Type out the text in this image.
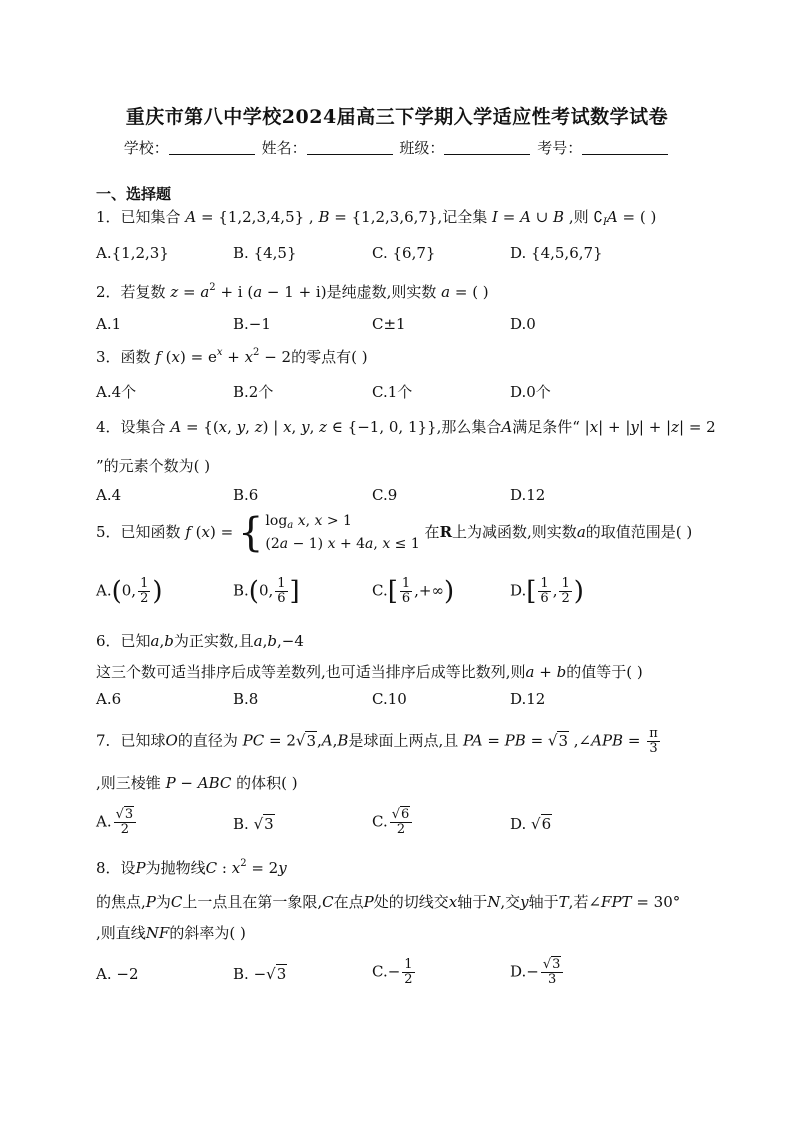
重庆市第八中学校2024届高三下学期入学适应性考试数学试卷
学校：	姓名：	班级：	考号：
一、选择题
1．已知集合 A = {1,2,3,4,5} , B = {1,2,3,6,7},记全集 I = A ∪ B ,则 $∁_IA$ = ( )
A.{1,2,3}	B. {4,5}	C. {6,7}	D. {4,5,6,7}
2．若复数 $z = a^2 + i$ (a − 1 + i)是纯虚数,则实数 a = ( )
A.1	B.−1	C±1	D.0
3．函数 f $(x) = e^x + x^2 - 2$的零点有( )
A.4个	B.2个	C.1个	D.0个
4．设集合 A = {(x, y, z) | x, y, z ∈ {−1, 0, 1}},那么集合A满足条件“ |x| + |y| + |z| = 2
”的元素个数为( )
A.4	B.6	C.9	D.12
5．已知函数 f (x) = { $\log_a x$, x > 1
(2a − 1) x + 4a, x ≤ 1
在R上为减函数,则实数a的取值范围是( )
A.(0, $\frac{1}{2}$ )	B.(0, $\frac{1}{6}$ ]	$C.[ \frac{1}{6}$ ,+∞)	$D.[ \frac{1}{6}$ , $\frac{1}{2}$ )
6．已知a,b为正实数,且a,b,−4
这三个数可适当排序后成等差数列,也可适当排序后成等比数列,则a + b的值等于( )
A.6	B.8	C.10	D.12
7．已知球O的直径为 PC = 2√3,A,B是球面上两点,且 PA = PB = √3 ,∠APB = $\frac{\pi}{3}$
,则三棱锥 P − ABC 的体积( )
A. $\frac{√3}{2}$	B. √3	C. $\frac{√6}{2}$	D. √6
8．设P为抛物线C : $x^2 = 2y$
的焦点,P为C上一点且在第一象限,C在点P处的切线交x轴于N,交y轴于T,若∠FPT = 30°
,则直线NF的斜率为( )
A. −2	B. −√3	$C.- \frac{1}{2}$	$D.- \frac{√3}{3}$
